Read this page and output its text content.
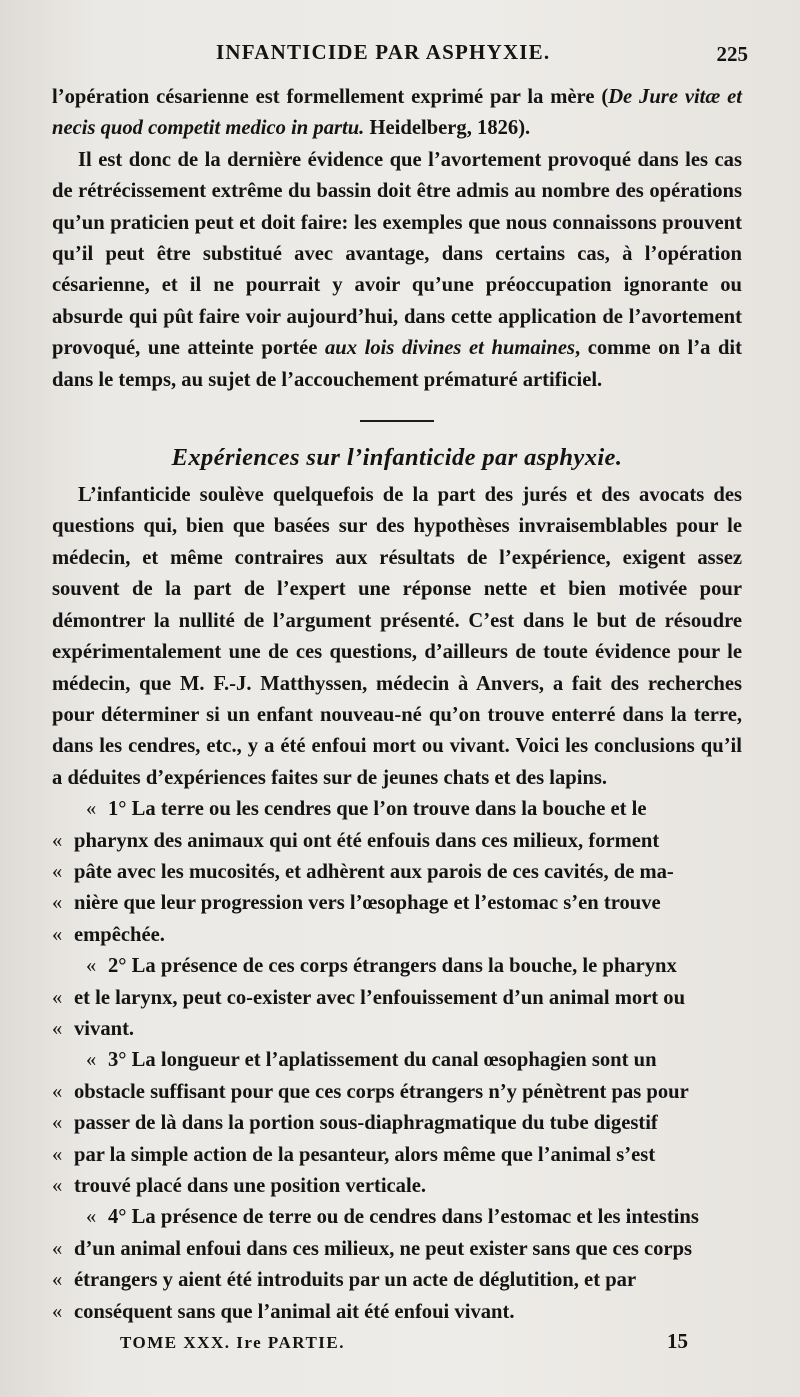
INFANTICIDE PAR ASPHYXIE.	225

l’opération césarienne est formellement exprimé par la mère (De Jure vitæ et necis quod competit medico in partu. Heidelberg, 1826).

Il est donc de la dernière évidence que l’avortement provoqué dans les cas de rétrécissement extrême du bassin doit être admis au nombre des opérations qu’un praticien peut et doit faire: les exemples que nous connaissons prouvent qu’il peut être substitué avec avantage, dans certains cas, à l’opération césarienne, et il ne pourrait y avoir qu’une préoccupation ignorante ou absurde qui pût faire voir aujourd’hui, dans cette application de l’avortement provoqué, une atteinte portée aux lois divines et humaines, comme on l’a dit dans le temps, au sujet de l’accouchement prématuré artificiel.

Expériences sur l’infanticide par asphyxie.

L’infanticide soulève quelquefois de la part des jurés et des avocats des questions qui, bien que basées sur des hypothèses invraisemblables pour le médecin, et même contraires aux résultats de l’expérience, exigent assez souvent de la part de l’expert une réponse nette et bien motivée pour démontrer la nullité de l’argument présenté. C’est dans le but de résoudre expérimentalement une de ces questions, d’ailleurs de toute évidence pour le médecin, que M. F.-J. Matthyssen, médecin à Anvers, a fait des recherches pour déterminer si un enfant nouveau-né qu’on trouve enterré dans la terre, dans les cendres, etc., y a été enfoui mort ou vivant. Voici les conclusions qu’il a déduites d’expériences faites sur de jeunes chats et des lapins.

« 1° La terre ou les cendres que l’on trouve dans la bouche et le

« pharynx des animaux qui ont été enfouis dans ces milieux, forment

« pâte avec les mucosités, et adhèrent aux parois de ces cavités, de ma-

« nière que leur progression vers l’œsophage et l’estomac s’en trouve

« empêchée.

« 2° La présence de ces corps étrangers dans la bouche, le pharynx

« et le larynx, peut co-exister avec l’enfouissement d’un animal mort ou

« vivant.

« 3° La longueur et l’aplatissement du canal œsophagien sont un

« obstacle suffisant pour que ces corps étrangers n’y pénètrent pas pour

« passer de là dans la portion sous-diaphragmatique du tube digestif

« par la simple action de la pesanteur, alors même que l’animal s’est

« trouvé placé dans une position verticale.

« 4° La présence de terre ou de cendres dans l’estomac et les intestins

« d’un animal enfoui dans ces milieux, ne peut exister sans que ces corps

« étrangers y aient été introduits par un acte de déglutition, et par

« conséquent sans que l’animal ait été enfoui vivant.

TOME XXX. Ire PARTIE.	15
